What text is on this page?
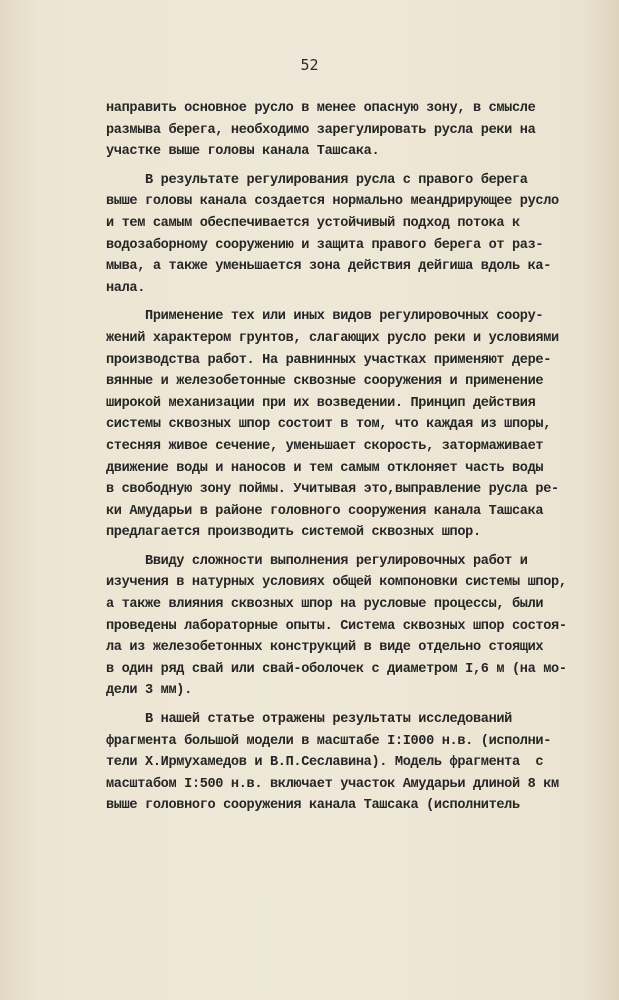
52
направить основное русло в менее опасную зону, в смысле
размыва берега, необходимо зарегулировать русла реки на
участке выше головы канала Ташсака.
В результате регулирования русла с правого берега
выше головы канала создается нормально меандрирующее русло
и тем самым обеспечивается устойчивый подход потока к
водозаборному сооружению и защита правого берега от раз-
мыва, а также уменьшается зона действия дейгиша вдоль ка-
нала.
Применение тех или иных видов регулировочных соору-
жений характером грунтов, слагающих русло реки и условиями
производства работ. На равнинных участках применяют дере-
вянные и железобетонные сквозные сооружения и применение
широкой механизации при их возведении. Принцип действия
системы сквозных шпор состоит в том, что каждая из шпоры,
стесняя живое сечение, уменьшает скорость, затормаживает
движение воды и наносов и тем самым отклоняет часть воды
в свободную зону поймы. Учитывая это,выправление русла ре-
ки Амударьи в районе головного сооружения канала Ташсака
предлагается производить системой сквозных шпор.
Ввиду сложности выполнения регулировочных работ и
изучения в натурных условиях общей компоновки системы шпор,
а также влияния сквозных шпор на русловые процессы, были
проведены лабораторные опыты. Система сквозных шпор состоя-
ла из железобетонных конструкций в виде отдельно стоящих
в один ряд свай или свай-оболочек с диаметром I,6 м (на мо-
дели 3 мм).
В нашей статье отражены результаты исследований
фрагмента большой модели в масштабе I:I000 н.в. (исполни-
тели Х.Ирмухамедов и В.П.Сеславина). Модель фрагмента  с
масштабом I:500 н.в. включает участок Амударьи длиной 8 км
выше головного сооружения канала Ташсака (исполнитель
